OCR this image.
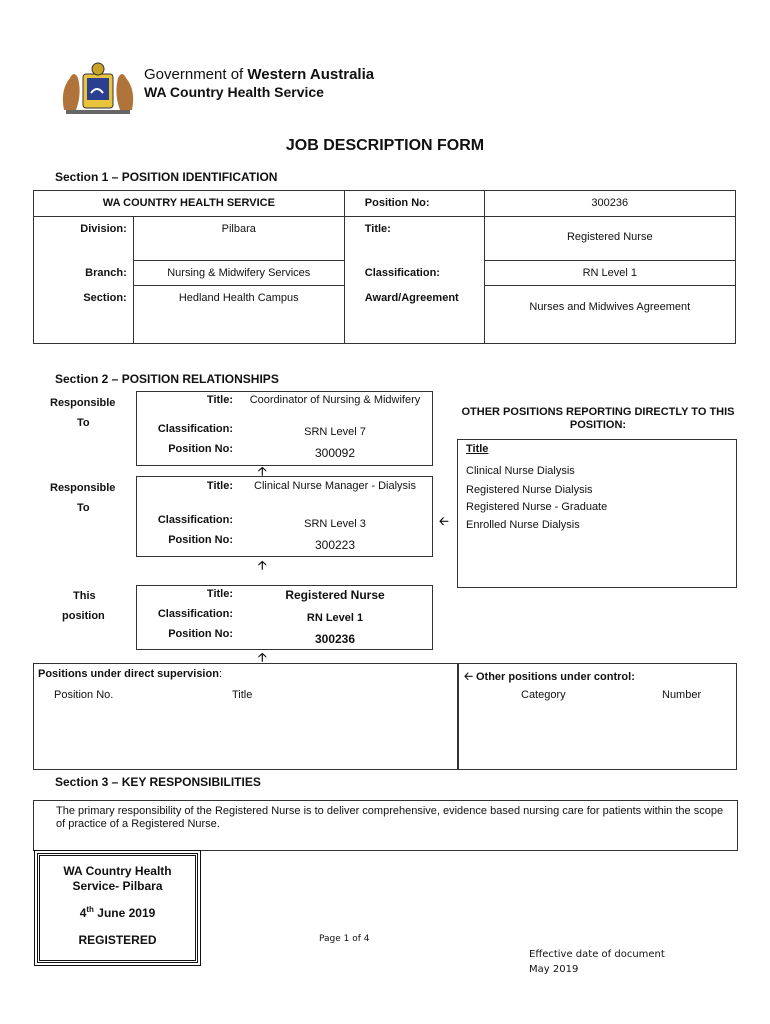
Government of Western Australia
WA Country Health Service
JOB DESCRIPTION FORM
Section 1 – POSITION IDENTIFICATION
WA COUNTRY HEALTH SERVICE		Position No:	300236
Division:	Pilbara	Title:	Registered Nurse
Branch:	Nursing & Midwifery Services	Classification:	RN Level 1
Section:	Hedland Health Campus	Award/Agreement	Nurses and Midwives Agreement
Section 2 – POSITION RELATIONSHIPS
Responsible
To
Title:	Coordinator of Nursing & Midwifery
Classification:	SRN Level 7
Position No:	300092
🡡
Responsible
To
Title:	Clinical Nurse Manager - Dialysis
Classification:	SRN Level 3
Position No:	300223
🡠
🡡
This
position
Title:	Registered Nurse
Classification:	RN Level 1
Position No:	300236
🡡
OTHER POSITIONS REPORTING DIRECTLY TO THIS POSITION:
Title
Clinical Nurse Dialysis
Registered Nurse Dialysis
Registered Nurse - Graduate
Enrolled Nurse Dialysis
Positions under direct supervision:
Position No.	Title
🡠 Other positions under control:
Category	Number
Section 3 – KEY RESPONSIBILITIES
The primary responsibility of the Registered Nurse is to deliver comprehensive, evidence based nursing care for patients within the scope of practice of a Registered Nurse.
WA Country Health
Service- Pilbara
4th June 2019
REGISTERED	Page 1 of 4
Effective date of document
May 2019
